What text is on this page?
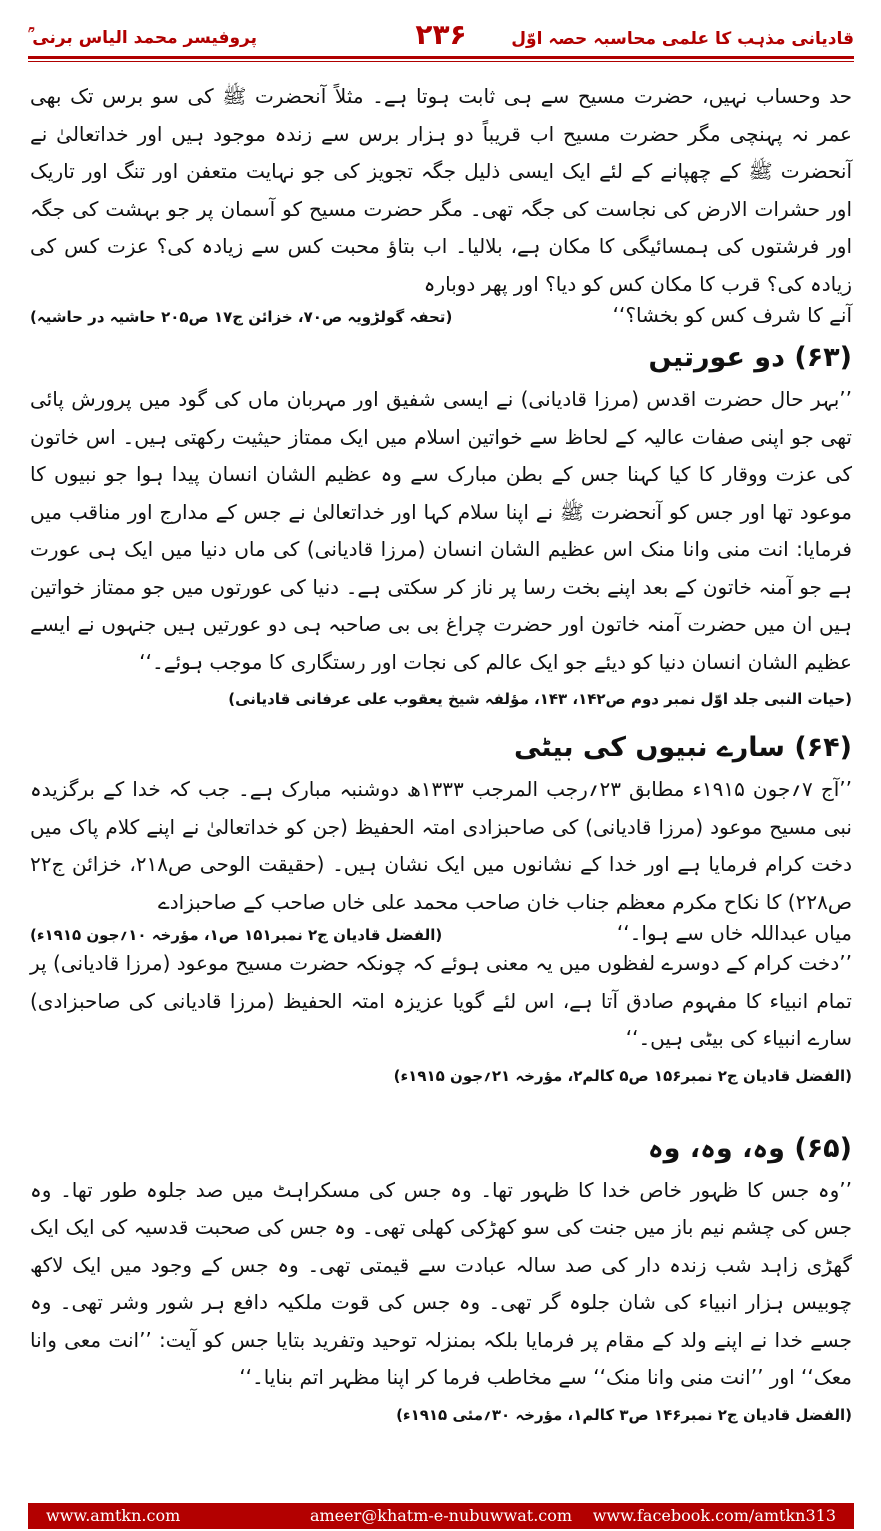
پروفیسر محمد الیاس برنی ؒ	۲۳۶	قادیانی مذہب کا علمی محاسبہ حصہ اوّل

حد وحساب نہیں، حضرت مسیح سے ہی ثابت ہوتا ہے۔ مثلاً آنحضرت ﷺ کی سو برس تک بھی عمر نہ پہنچی مگر حضرت مسیح اب قریباً دو ہزار برس سے زندہ موجود ہیں اور خداتعالیٰ نے آنحضرت ﷺ کے چھپانے کے لئے ایک ایسی ذلیل جگہ تجویز کی جو نہایت متعفن اور تنگ اور تاریک اور حشرات الارض کی نجاست کی جگہ تھی۔ مگر حضرت مسیح کو آسمان پر جو بہشت کی جگہ اور فرشتوں کی ہمسائیگی کا مکان ہے، بلالیا۔ اب بتاؤ محبت کس سے زیادہ کی؟ عزت کس کی زیادہ کی؟ قرب کا مکان کس کو دیا؟ اور پھر دوبارہ

آنے کا شرف کس کو بخشا؟‘‘
(تحفہ گولڑویہ ص۷۰، خزائن ج۱۷ ص۲۰۵ حاشیہ در حاشیہ)

(۶۳) دو عورتیں

’’بہر حال حضرت اقدس (مرزا قادیانی) نے ایسی شفیق اور مہربان ماں کی گود میں پرورش پائی تھی جو اپنی صفات عالیہ کے لحاظ سے خواتین اسلام میں ایک ممتاز حیثیت رکھتی ہیں۔ اس خاتون کی عزت ووقار کا کیا کہنا جس کے بطن مبارک سے وہ عظیم الشان انسان پیدا ہوا جو نبیوں کا موعود تھا اور جس کو آنحضرت ﷺ نے اپنا سلام کہا اور خداتعالیٰ نے جس کے مدارج اور مناقب میں فرمایا: انت منی وانا منک اس عظیم الشان انسان (مرزا قادیانی) کی ماں دنیا میں ایک ہی عورت ہے جو آمنہ خاتون کے بعد اپنے بخت رسا پر ناز کر سکتی ہے۔ دنیا کی عورتوں میں جو ممتاز خواتین ہیں ان میں حضرت آمنہ خاتون اور حضرت چراغ بی بی صاحبہ ہی دو عورتیں ہیں جنہوں نے ایسے عظیم الشان انسان دنیا کو دیئے جو ایک عالم کی نجات اور رستگاری کا موجب ہوئے۔‘‘

(حیات النبی جلد اوّل نمبر دوم ص۱۴۲، ۱۴۳، مؤلفہ شیخ یعقوب علی عرفانی قادیانی)

(۶۴) سارے نبیوں کی بیٹی

’’آج ۷؍جون ۱۹۱۵ء مطابق ۲۳؍رجب المرجب ۱۳۳۳ھ دوشنبہ مبارک ہے۔ جب کہ خدا کے برگزیدہ نبی مسیح موعود (مرزا قادیانی) کی صاحبزادی امتہ الحفیظ (جن کو خداتعالیٰ نے اپنے کلام پاک میں دخت کرام فرمایا ہے اور خدا کے نشانوں میں ایک نشان ہیں۔ (حقیقت الوحی ص۲۱۸، خزائن ج۲۲ ص۲۲۸) کا نکاح مکرم معظم جناب خان صاحب محمد علی خاں صاحب کے صاحبزادے

میاں عبداللہ خاں سے ہوا۔‘‘
(الفضل قادیان ج۲ نمبر۱۵۱ ص۱، مؤرخہ ۱۰؍جون ۱۹۱۵ء)

’’دخت کرام کے دوسرے لفظوں میں یہ معنی ہوئے کہ چونکہ حضرت مسیح موعود (مرزا قادیانی) پر تمام انبیاء کا مفہوم صادق آتا ہے، اس لئے گویا عزیزہ امتہ الحفیظ (مرزا قادیانی کی صاحبزادی) سارے انبیاء کی بیٹی ہیں۔‘‘

(الفضل قادیان ج۲ نمبر۱۵۶ ص۵ کالم۲، مؤرخہ ۲۱؍جون ۱۹۱۵ء)

(۶۵) وہ، وہ، وہ

’’وہ جس کا ظہور خاص خدا کا ظہور تھا۔ وہ جس کی مسکراہٹ میں صد جلوہ طور تھا۔ وہ جس کی چشم نیم باز میں جنت کی سو کھڑکی کھلی تھی۔ وہ جس کی صحبت قدسیہ کی ایک ایک گھڑی زاہد شب زندہ دار کی صد سالہ عبادت سے قیمتی تھی۔ وہ جس کے وجود میں ایک لاکھ چوبیس ہزار انبیاء کی شان جلوہ گر تھی۔ وہ جس کی قوت ملکیہ دافع ہر شور وشر تھی۔ وہ جسے خدا نے اپنے ولد کے مقام پر فرمایا بلکہ بمنزلہ توحید وتفرید بتایا جس کو آیت: ’’انت معی وانا معک‘‘ اور ’’انت منی وانا منک‘‘ سے مخاطب فرما کر اپنا مظہر اتم بنایا۔‘‘

(الفضل قادیان ج۲ نمبر۱۴۶ ص۳ کالم۱، مؤرخہ ۳۰؍مئی ۱۹۱۵ء)

www.amtkn.com	ameer@khatm-e-nubuwwat.com	www.facebook.com/amtkn313
